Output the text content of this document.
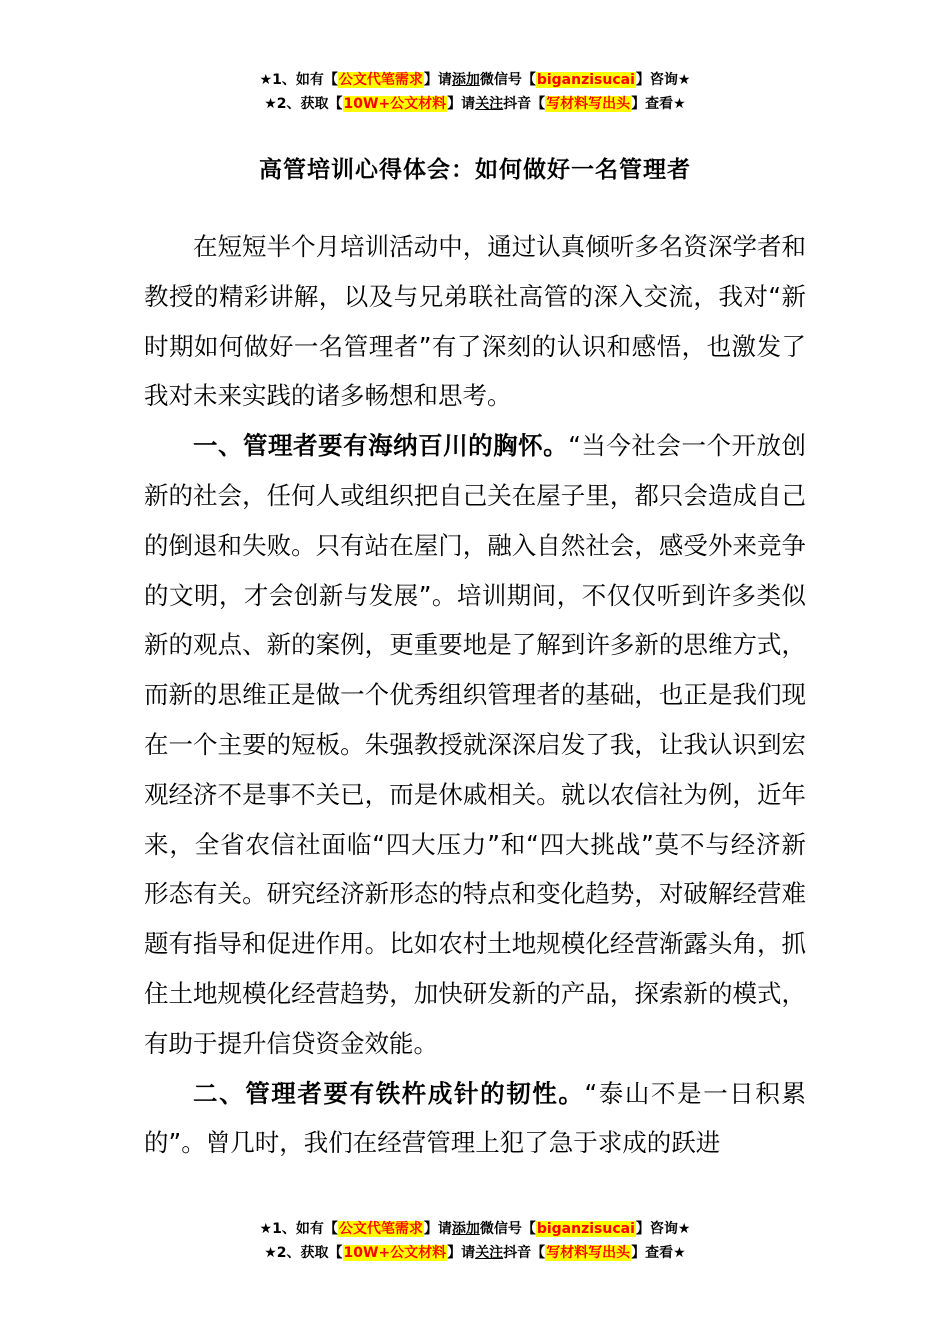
★1、如有【公文代笔需求】请添加微信号【biganzisucai】咨询★
★2、获取【10W+公文材料】请关注抖音【写材料写出头】查看★
高管培训心得体会：如何做好一名管理者

在短短半个月培训活动中，通过认真倾听多名资深学者和教授的精彩讲解，以及与兄弟联社高管的深入交流，我对“新时期如何做好一名管理者”有了深刻的认识和感悟，也激发了我对未来实践的诸多畅想和思考。

一、管理者要有海纳百川的胸怀。“当今社会一个开放创新的社会，任何人或组织把自己关在屋子里，都只会造成自己的倒退和失败。只有站在屋门，融入自然社会，感受外来竞争的文明，才会创新与发展”。培训期间，不仅仅听到许多类似新的观点、新的案例，更重要地是了解到许多新的思维方式，而新的思维正是做一个优秀组织管理者的基础，也正是我们现在一个主要的短板。朱强教授就深深启发了我，让我认识到宏观经济不是事不关已，而是休戚相关。就以农信社为例，近年来，全省农信社面临“四大压力”和“四大挑战”莫不与经济新形态有关。研究经济新形态的特点和变化趋势，对破解经营难题有指导和促进作用。比如农村土地规模化经营渐露头角，抓住土地规模化经营趋势，加快研发新的产品，探索新的模式，有助于提升信贷资金效能。

二、管理者要有铁杵成针的韧性。“泰山不是一日积累的”。曾几时，我们在经营管理上犯了急于求成的跃进

★1、如有【公文代笔需求】请添加微信号【biganzisucai】咨询★
★2、获取【10W+公文材料】请关注抖音【写材料写出头】查看★
